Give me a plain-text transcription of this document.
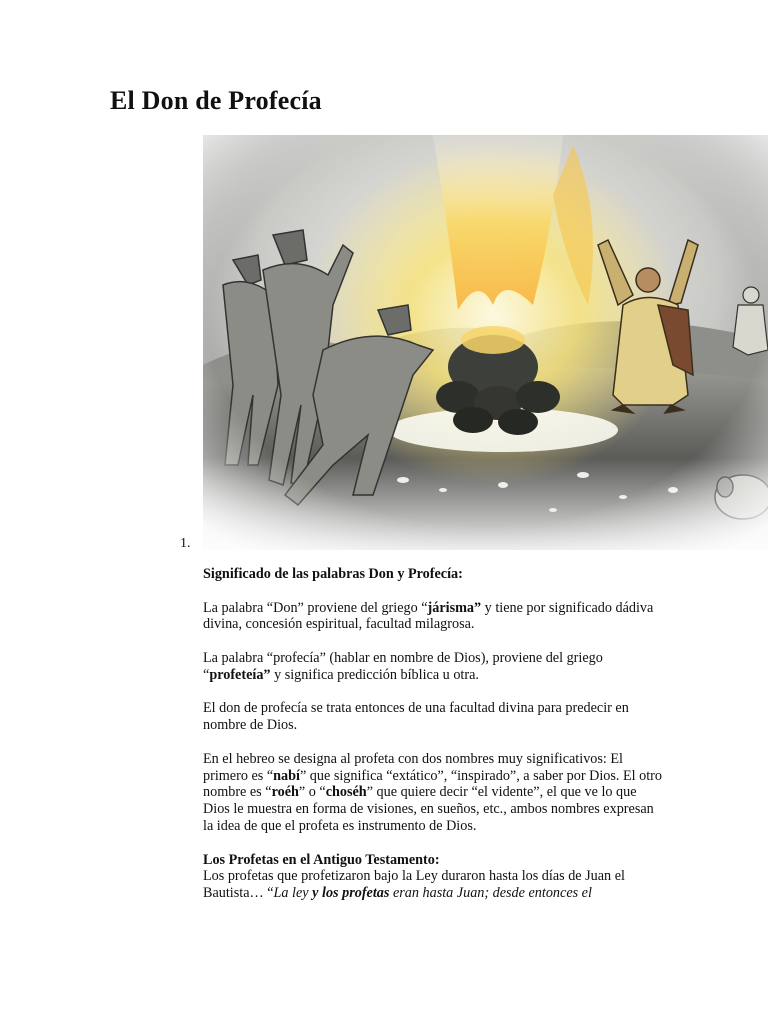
El Don de Profecía
1.

Significado de las palabras Don y Profecía:

La palabra “Don” proviene del griego “járisma” y tiene por significado dádiva divina, concesión espiritual, facultad milagrosa.

La palabra “profecía” (hablar en nombre de Dios), proviene del griego “profeteía” y significa predicción bíblica u otra.

El don de profecía se trata entonces de una facultad divina para predecir en nombre de Dios.

En el hebreo se designa al profeta con dos nombres muy significativos: El primero es “nabí” que significa “extático”, “inspirado”, a saber por Dios. El otro nombre es “roéh” o “choséh” que quiere decir “el vidente”, el que ve lo que Dios le muestra en forma de visiones, en sueños, etc., ambos nombres expresan la idea de que el profeta es instrumento de Dios.

Los Profetas en el Antiguo Testamento:

Los profetas que profetizaron bajo la Ley duraron hasta los días de Juan el Bautista… “La ley y los profetas eran hasta Juan; desde entonces el
